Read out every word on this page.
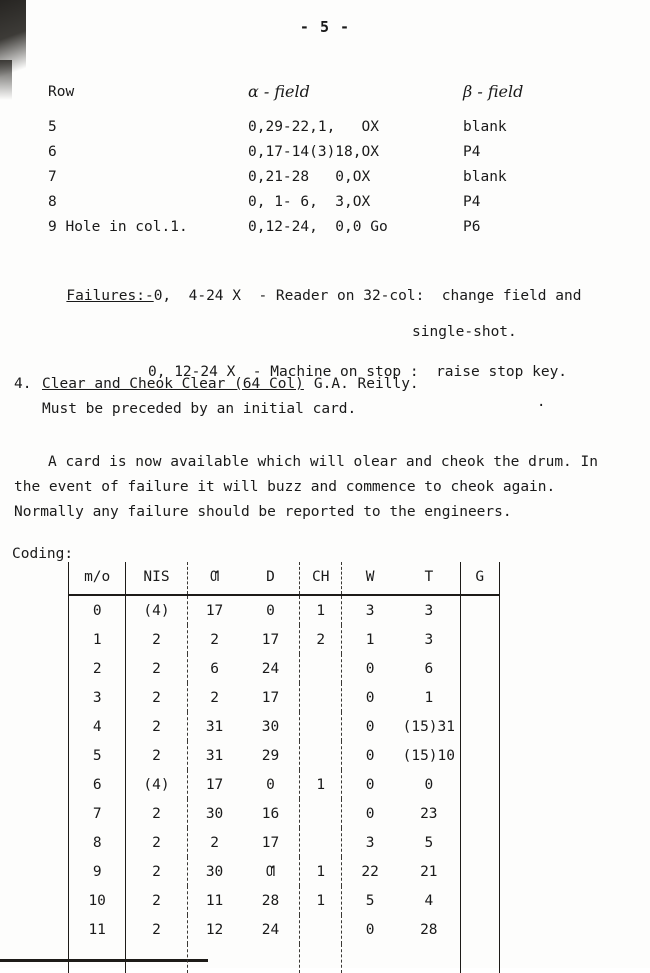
- 5 -
Row	α - field	β - field
5	0,29-22,1,   OX	blank
6	0,17-14(3)18,OX	P4
7	0,21-28   0,OX	blank
8	0, 1- 6,  3,OX	P4
9 Hole in col.1.	0,12-24,  0,0 Go	P6

Failures:-0,  4-24 X  - Reader on 32-col:  change field and

single-shot.
0, 12-24 X  - Machine on stop :  raise stop key.
4. Clear and Cheok Clear (64 Col) G.A. Reilly.
Must be preceded by an initial card.	·
A card is now available which will olear and cheok the drum. In the event of failure it will buzz and commence to cheok again. Normally any failure should be reported to the engineers.
Coding:
m/o	NIS	Ƣ	D	CH	W	T	G
0	(4)	17	0	1	3	3	
1	2	2	17	2	1	3	
2	2	6	24		0	6	
3	2	2	17		0	1	
4	2	31	30		0	(15)31	
5	2	31	29		0	(15)10	
6	(4)	17	0	1	0	0	
7	2	30	16		0	23	
8	2	2	17		3	5	
9	2	30	Ƣ	1	22	21	
10	2	11	28	1	5	4	
11	2	12	24		0	28	
